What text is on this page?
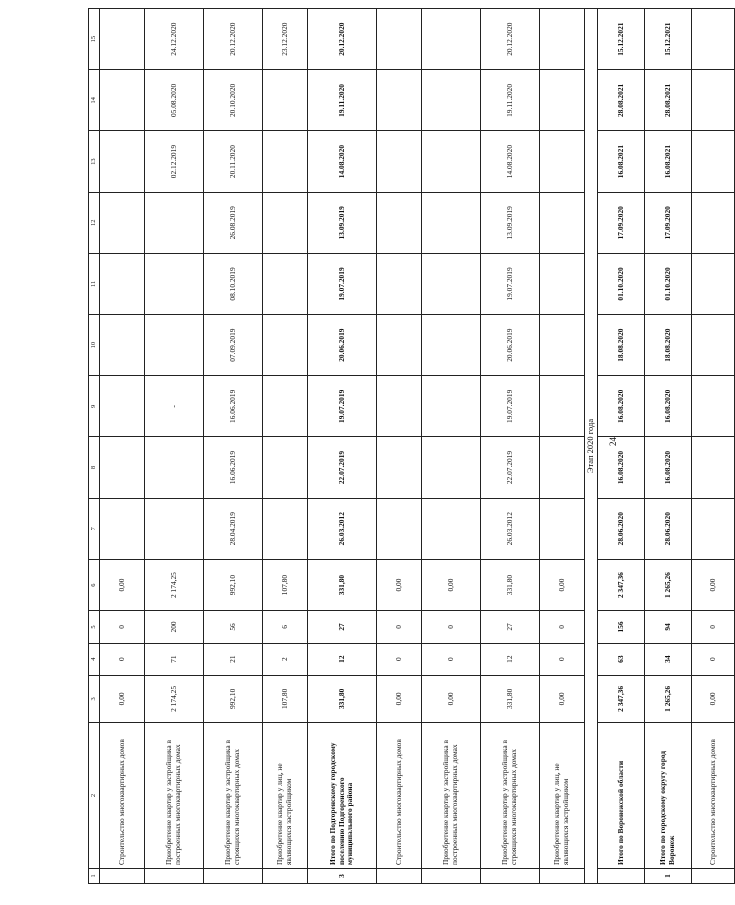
24
1	2	3	4	5	6	7	8	9	10	11	12	13	14	15
	Строительство многоквартирных домов	0,00	0	0	0,00									
	Приобретение квартир у застройщика в построенных многоквартирных домах	2 174,25	71	200	2 174,25			-				02.12.2019	05.08.2020	24.12.2020
	Приобретение квартир у застройщика в строящихся многоквартирных домах	992,10	21	56	992,10	28.04.2019	16.06.2019	16.06.2019	07.09.2019	08.10.2019	26.08.2019	20.11.2020	20.10.2020	20.12.2020
	Приобретение квартир у лиц, не являющихся застройщиком	107,80	2	6	107,80									23.12.2020
3	Итого по Подгоренскому городскому поселению Подгоренского муниципального района	331,80	12	27	331,80	26.03.2012	22.07.2019	19.07.2019	20.06.2019	19.07.2019	13.09.2019	14.08.2020	19.11.2020	20.12.2020
	Строительство многоквартирных домов	0,00	0	0	0,00									
	Приобретение квартир у застройщика в построенных многоквартирных домах	0,00	0	0	0,00									
	Приобретение квартир у застройщика в строящихся многоквартирных домах	331,80	12	27	331,80	26.03.2012	22.07.2019	19.07.2019	20.06.2019	19.07.2019	13.09.2019	14.08.2020	19.11.2020	20.12.2020
	Приобретение квартир у лиц, не являющихся застройщиком	0,00	0	0	0,00									
Этап 2020 года														
	Итого по Воронежской области	2 347,36	63	156	2 347,36	28.06.2020	16.08.2020	16.08.2020	18.08.2020	01.10.2020	17.09.2020	16.08.2021	28.08.2021	15.12.2021
1	Итого по городскому округу город Воронеж	1 265,26	34	94	1 265,26	28.06.2020	16.08.2020	16.08.2020	18.08.2020	01.10.2020	17.09.2020	16.08.2021	28.08.2021	15.12.2021
	Строительство многоквартирных домов	0,00	0	0	0,00									
